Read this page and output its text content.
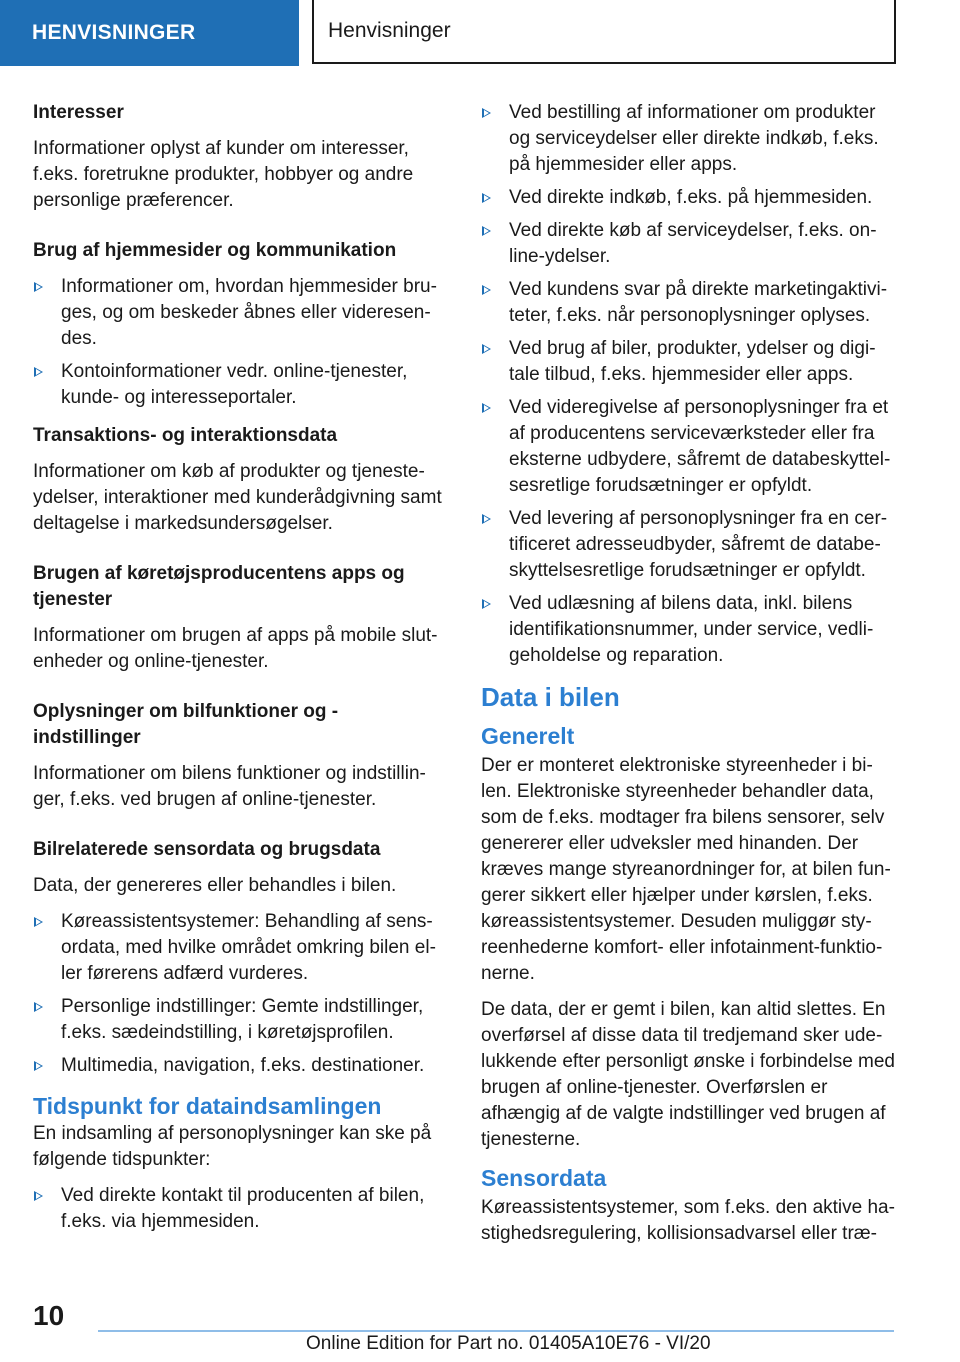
HENVISNINGER	Henvisninger

Interesser

Informationer oplyst af kunder om interesser, f.eks. foretrukne produkter, hobbyer og andre personlige præferencer.

Brug af hjemmesider og kommunikation

Informationer om, hvordan hjemmesider bruges, og om beskeder åbnes eller videresendes.
Kontoinformationer vedr. online-tjenester, kunde- og interesseportaler.

Transaktions- og interaktionsdata

Informationer om køb af produkter og tjenesteydelser, interaktioner med kunderådgivning samt deltagelse i markedsundersøgelser.

Brugen af køretøjsproducentens apps og tjenester

Informationer om brugen af apps på mobile slutenheder og online-tjenester.

Oplysninger om bilfunktioner og -indstillinger

Informationer om bilens funktioner og indstillinger, f.eks. ved brugen af online-tjenester.

Bilrelaterede sensordata og brugsdata

Data, der genereres eller behandles i bilen.

Køreassistentsystemer: Behandling af sensordata, med hvilke området omkring bilen eller førerens adfærd vurderes.
Personlige indstillinger: Gemte indstillinger, f.eks. sædeindstilling, i køretøjsprofilen.
Multimedia, navigation, f.eks. destinationer.

Tidspunkt for dataindsamlingen

En indsamling af personoplysninger kan ske på følgende tidspunkter:

Ved direkte kontakt til producenten af bilen, f.eks. via hjemmesiden.
Ved bestilling af informationer om produkter og serviceydelser eller direkte indkøb, f.eks. på hjemmesider eller apps.
Ved direkte indkøb, f.eks. på hjemmesiden.
Ved direkte køb af serviceydelser, f.eks. online-ydelser.
Ved kundens svar på direkte marketingaktiviteter, f.eks. når personoplysninger oplyses.
Ved brug af biler, produkter, ydelser og digitale tilbud, f.eks. hjemmesider eller apps.
Ved videregivelse af personoplysninger fra et af producentens serviceværksteder eller fra eksterne udbydere, såfremt de databeskyttelsesretlige forudsætninger er opfyldt.
Ved levering af personoplysninger fra en certificeret adresseudbyder, såfremt de databeskyttelsesretlige forudsætninger er opfyldt.
Ved udlæsning af bilens data, inkl. bilens identifikationsnummer, under service, vedligeholdelse og reparation.

Data i bilen

Generelt

Der er monteret elektroniske styreenheder i bilen. Elektroniske styreenheder behandler data, som de f.eks. modtager fra bilens sensorer, selv genererer eller udveksler med hinanden. Der kræves mange styreanordninger for, at bilen fungerer sikkert eller hjælper under kørslen, f.eks. køreassistentsystemer. Desuden muliggør styreenhederne komfort- eller infotainment-funktionerne.

De data, der er gemt i bilen, kan altid slettes. En overførsel af disse data til tredjemand sker udelukkende efter personligt ønske i forbindelse med brugen af online-tjenester. Overførslen er afhængig af de valgte indstillinger ved brugen af tjenesterne.

Sensordata

Køreassistentsystemer, som f.eks. den aktive hastighedsregulering, kollisionsadvarsel eller træ-

10
Online Edition for Part no. 01405A10E76 - VI/20
